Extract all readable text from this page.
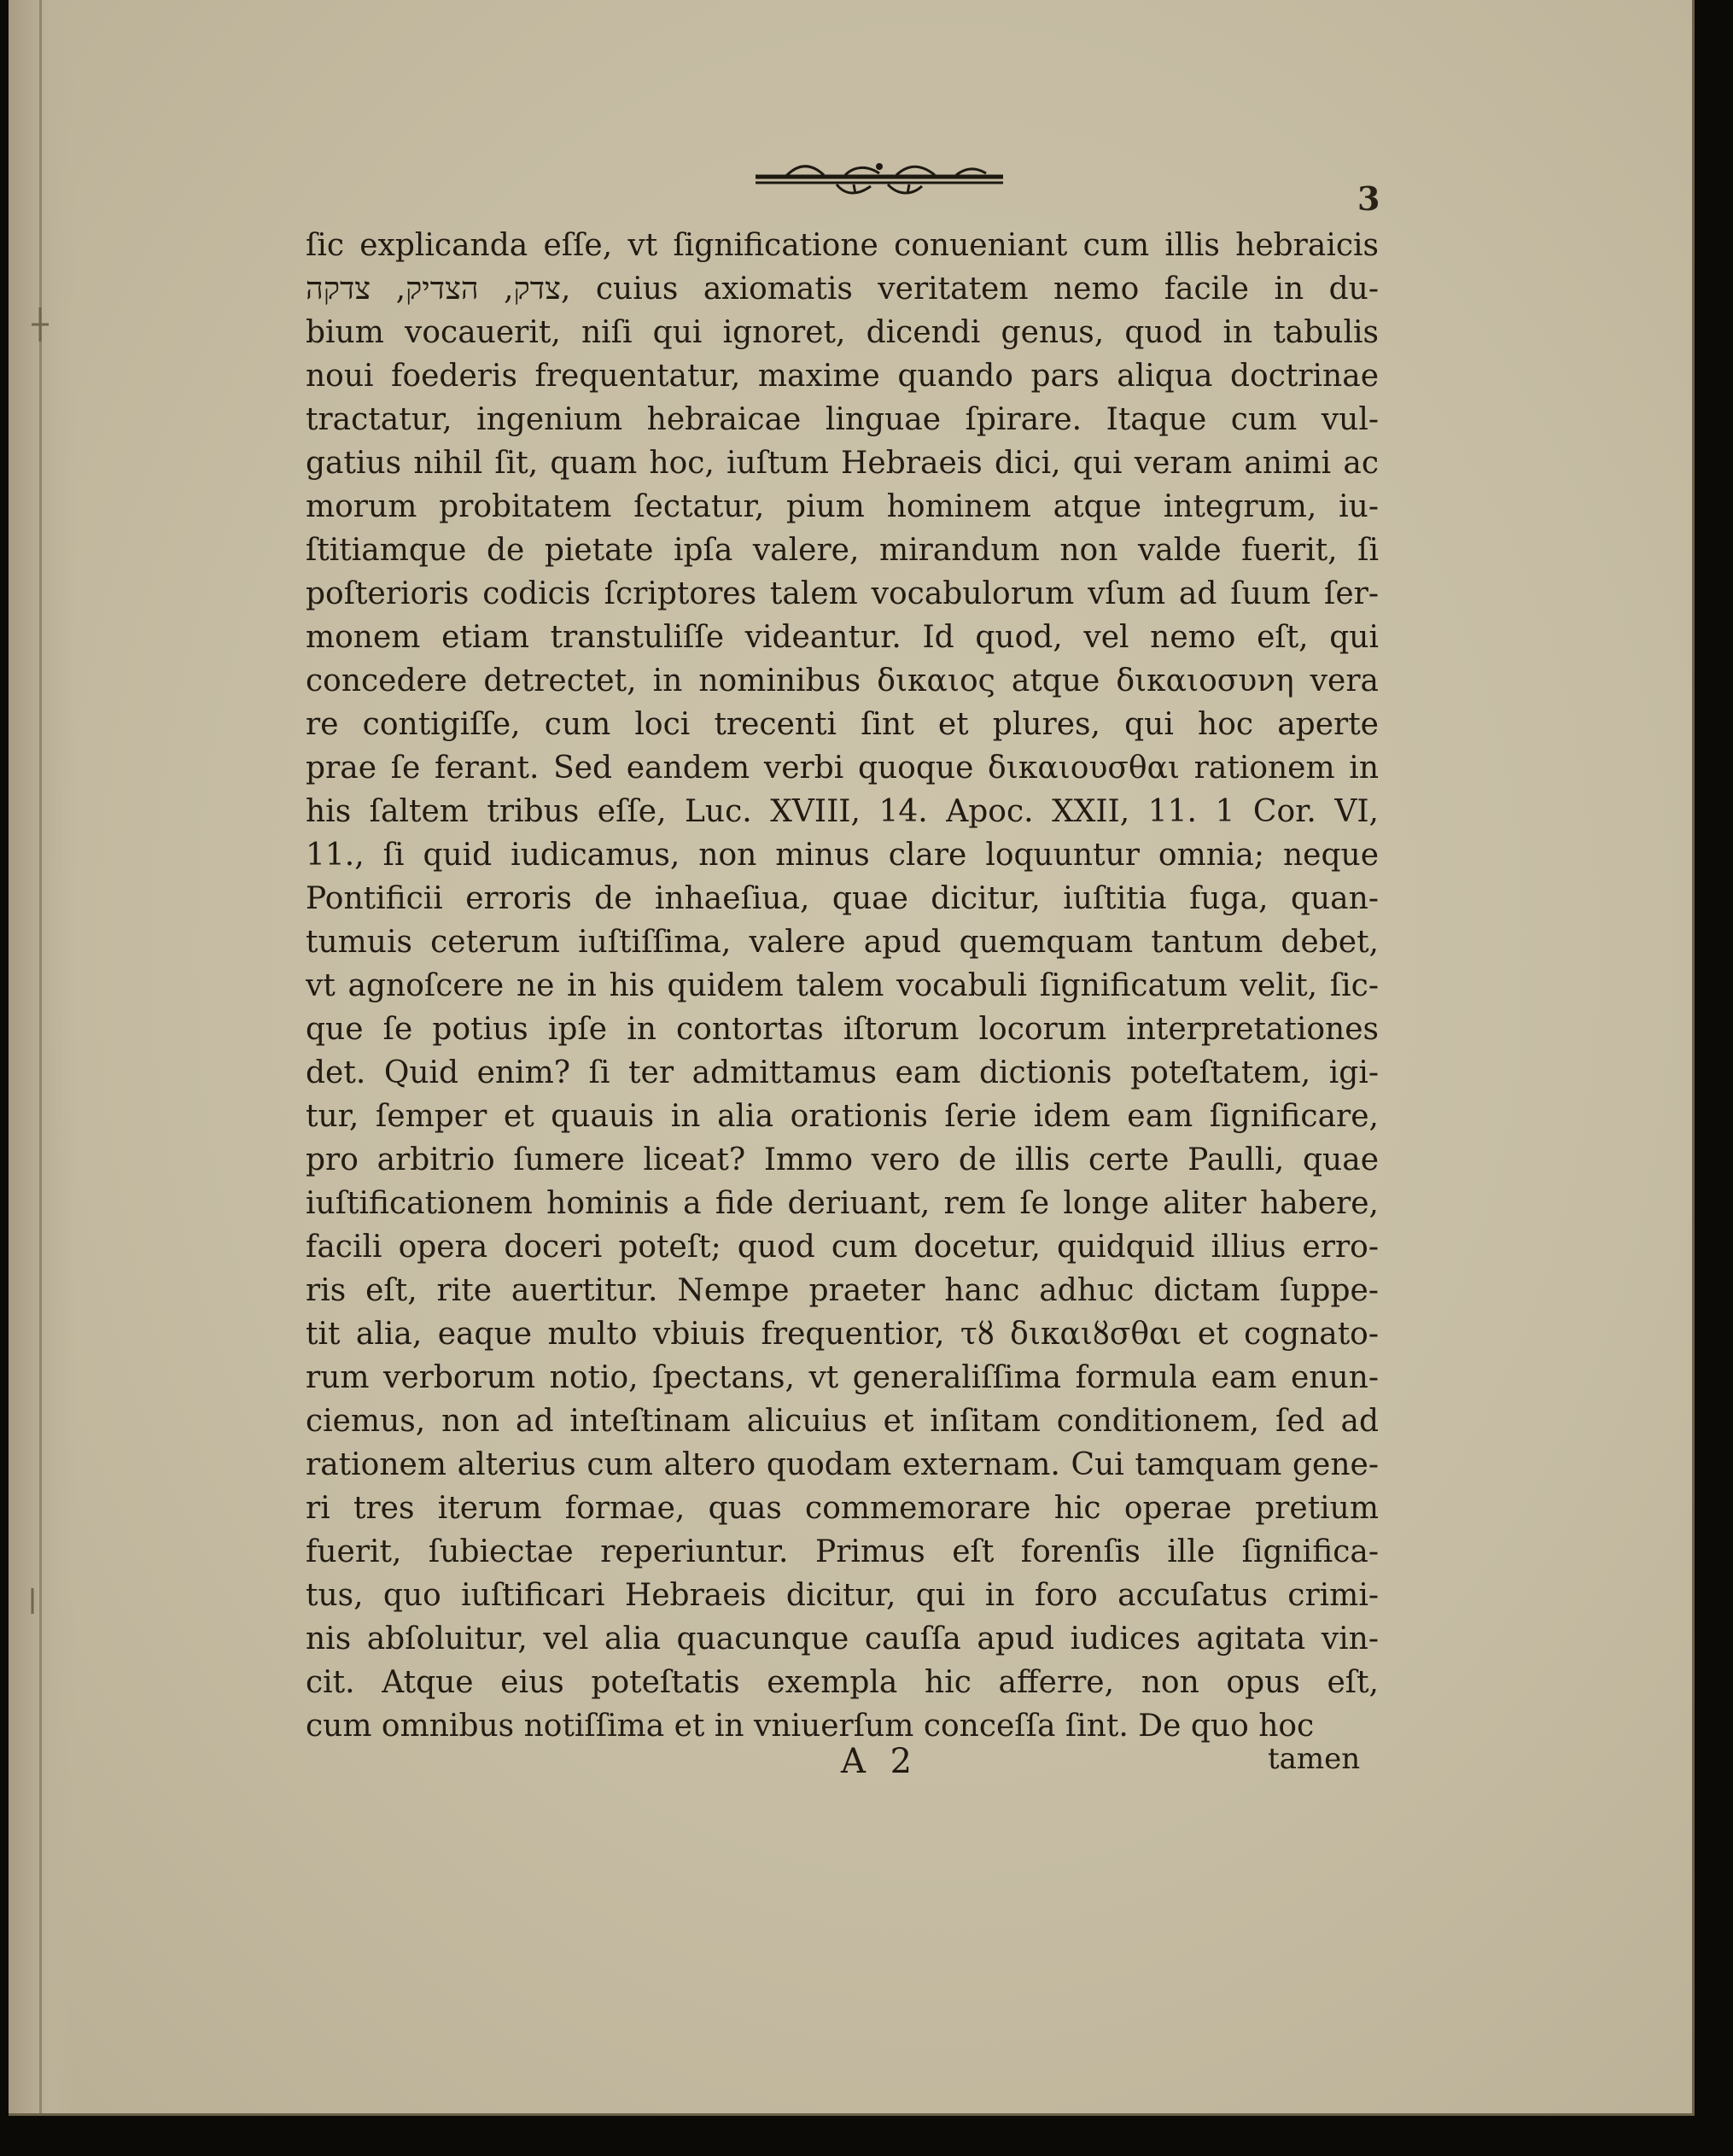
3
ſic explicanda eſſe, vt ſignificatione conueniant cum illis hebraicis
צדק, הצדיק, צדקה, cuius axiomatis veritatem nemo facile in du-
bium vocauerit, niſi qui ignoret, dicendi genus, quod in tabulis
noui foederis frequentatur, maxime quando pars aliqua doctrinae
tractatur, ingenium hebraicae linguae ſpirare. Itaque cum vul-
gatius nihil ſit, quam hoc, iuſtum Hebraeis dici, qui veram animi ac
morum probitatem ſectatur, pium hominem atque integrum, iu-
ſtitiamque de pietate ipſa valere, mirandum non valde fuerit, ſi
poſterioris codicis ſcriptores talem vocabulorum vſum ad ſuum ſer-
monem etiam transtuliſſe videantur. Id quod, vel nemo eſt, qui
concedere detrectet, in nominibus δικαιος atque δικαιοσυνη vera
re contigiſſe, cum loci trecenti ſint et plures, qui hoc aperte
prae ſe ferant. Sed eandem verbi quoque δικαιουσθαι rationem in
his ſaltem tribus eſſe, Luc. XVIII, 14. Apoc. XXII, 11. 1 Cor. VI,
11., ſi quid iudicamus, non minus clare loquuntur omnia; neque
Pontificii erroris de inhaeſiua, quae dicitur, iuſtitia fuga, quan-
tumuis ceterum iuſtiſſima, valere apud quemquam tantum debet,
vt agnoſcere ne in his quidem talem vocabuli ſignificatum velit, ſic-
que ſe potius ipſe in contortas iſtorum locorum interpretationes
det. Quid enim? ſi ter admittamus eam dictionis poteſtatem, igi-
tur, ſemper et quauis in alia orationis ſerie idem eam ſignificare,
pro arbitrio ſumere liceat? Immo vero de illis certe Paulli, quae
iuſtificationem hominis a fide deriuant, rem ſe longe aliter habere,
facili opera doceri poteſt; quod cum docetur, quidquid illius erro-
ris eſt, rite auertitur. Nempe praeter hanc adhuc dictam ſuppe-
tit alia, eaque multo vbiuis frequentior, τȣ δικαιȣσθαι et cognato-
rum verborum notio, ſpectans, vt generaliſſima formula eam enun-
ciemus, non ad inteſtinam alicuius et inſitam conditionem, ſed ad
rationem alterius cum altero quodam externam. Cui tamquam gene-
ri tres iterum formae, quas commemorare hic operae pretium
fuerit, ſubiectae reperiuntur. Primus eſt forenſis ille ſignifica-
tus, quo iuſtificari Hebraeis dicitur, qui in foro accuſatus crimi-
nis abſoluitur, vel alia quacunque cauſſa apud iudices agitata vin-
cit. Atque eius poteſtatis exempla hic afferre, non opus eſt,
cum omnibus notiſſima et in vniuerſum conceſſa ſint. De quo hoc
A 2	tamen
